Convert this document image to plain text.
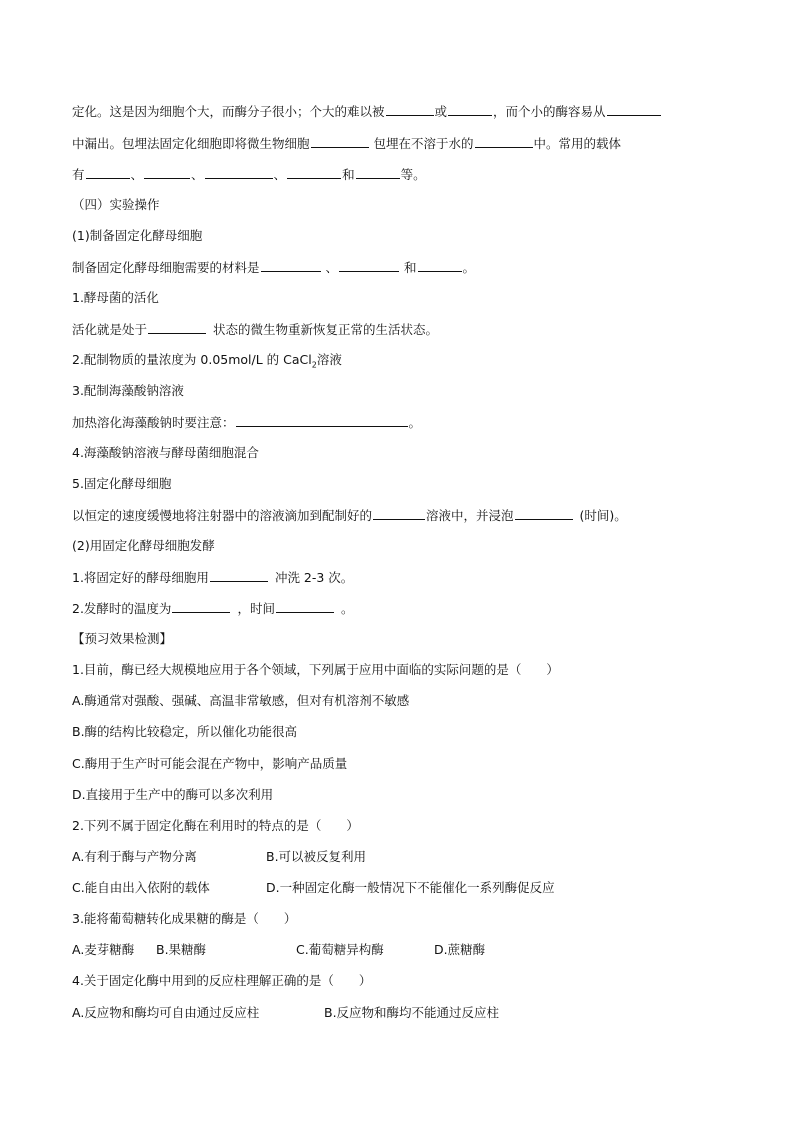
定化。这是因为细胞个大，而酶分子很小；个大的难以被	或	，而个小的酶容易从
中漏出。包埋法固定化细胞即将微生物细胞	包埋在不溶于水的	中。常用的载体
有	、	、	、	和	等。
（四）实验操作
(1)制备固定化酵母细胞
制备固定化酵母细胞需要的材料是	、	和	。
1.酵母菌的活化
活化就是处于	状态的微生物重新恢复正常的生活状态。
2.配制物质的量浓度为 0.05mol/L 的 CaCl$_2$溶液
3.配制海藻酸钠溶液
加热溶化海藻酸钠时要注意：	。
4.海藻酸钠溶液与酵母菌细胞混合
5.固定化酵母细胞
以恒定的速度缓慢地将注射器中的溶液滴加到配制好的	溶液中，并浸泡	(时间)。
(2)用固定化酵母细胞发酵
1.将固定好的酵母细胞用	冲洗 2-3 次。
2.发酵时的温度为	，时间	。
【预习效果检测】
1.目前，酶已经大规模地应用于各个领域，下列属于应用中面临的实际问题的是（　　）
A.酶通常对强酸、强碱、高温非常敏感，但对有机溶剂不敏感
B.酶的结构比较稳定，所以催化功能很高
C.酶用于生产时可能会混在产物中，影响产品质量
D.直接用于生产中的酶可以多次利用
2.下列不属于固定化酶在利用时的特点的是（　　）
A.有利于酶与产物分离	B.可以被反复利用
C.能自由出入依附的载体	D.一种固定化酶一般情况下不能催化一系列酶促反应
3.能将葡萄糖转化成果糖的酶是（　　）
A.麦芽糖酶 B.果糖酶	C.葡萄糖异构酶	D.蔗糖酶
4.关于固定化酶中用到的反应柱理解正确的是（　　）
A.反应物和酶均可自由通过反应柱	B.反应物和酶均不能通过反应柱
